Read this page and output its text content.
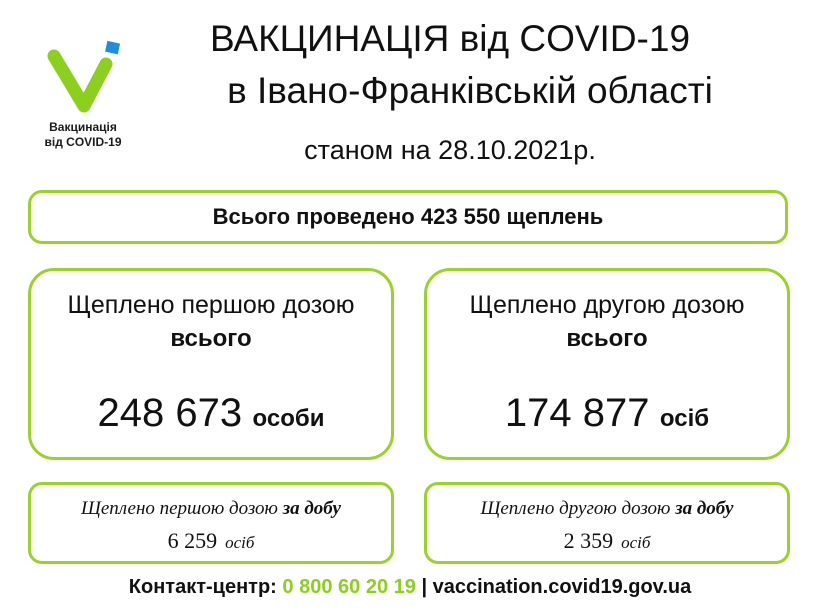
Вакцинація
від COVID-19
ВАКЦИНАЦІЯ від COVID-19
в Івано-Франківській області
станом на 28.10.2021р.
Всього проведено 423 550 щеплень
Щеплено першою дозою
всього
248 673 особи
Щеплено другою дозою
всього
174 877 осіб
Щеплено першою дозою за добу
6 259 осіб
Щеплено другою дозою за добу
2 359 осіб
Контакт-центр: 0 800 60 20 19 | vaccination.covid19.gov.ua
